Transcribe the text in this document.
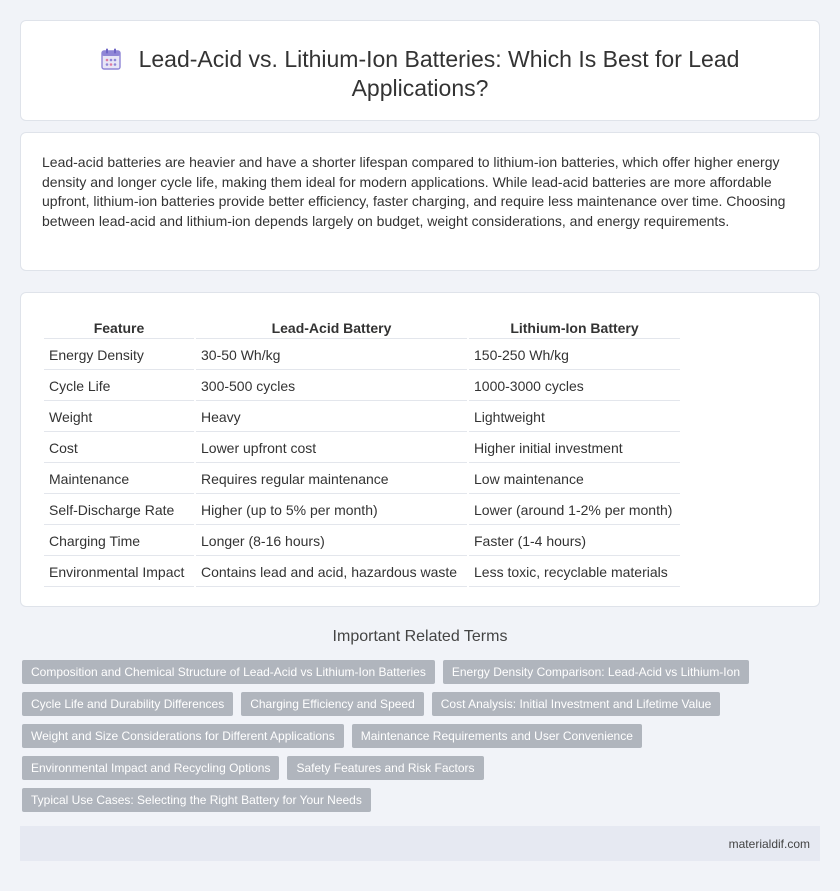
Lead-Acid vs. Lithium-Ion Batteries: Which Is Best for Lead Applications?

Lead-acid batteries are heavier and have a shorter lifespan compared to lithium-ion batteries, which offer higher energy density and longer cycle life, making them ideal for modern applications. While lead-acid batteries are more affordable upfront, lithium-ion batteries provide better efficiency, faster charging, and require less maintenance over time. Choosing between lead-acid and lithium-ion depends largely on budget, weight considerations, and energy requirements.

Feature	Lead-Acid Battery	Lithium-Ion Battery
Energy Density	30-50 Wh/kg	150-250 Wh/kg
Cycle Life	300-500 cycles	1000-3000 cycles
Weight	Heavy	Lightweight
Cost	Lower upfront cost	Higher initial investment
Maintenance	Requires regular maintenance	Low maintenance
Self-Discharge Rate	Higher (up to 5% per month)	Lower (around 1-2% per month)
Charging Time	Longer (8-16 hours)	Faster (1-4 hours)
Environmental Impact	Contains lead and acid, hazardous waste	Less toxic, recyclable materials
Important Related Terms
Composition and Chemical Structure of Lead-Acid vs Lithium-Ion Batteries	Energy Density Comparison: Lead-Acid vs Lithium-Ion
Cycle Life and Durability Differences	Charging Efficiency and Speed	Cost Analysis: Initial Investment and Lifetime Value
Weight and Size Considerations for Different Applications	Maintenance Requirements and User Convenience
Environmental Impact and Recycling Options	Safety Features and Risk Factors
Typical Use Cases: Selecting the Right Battery for Your Needs
materialdif.com
